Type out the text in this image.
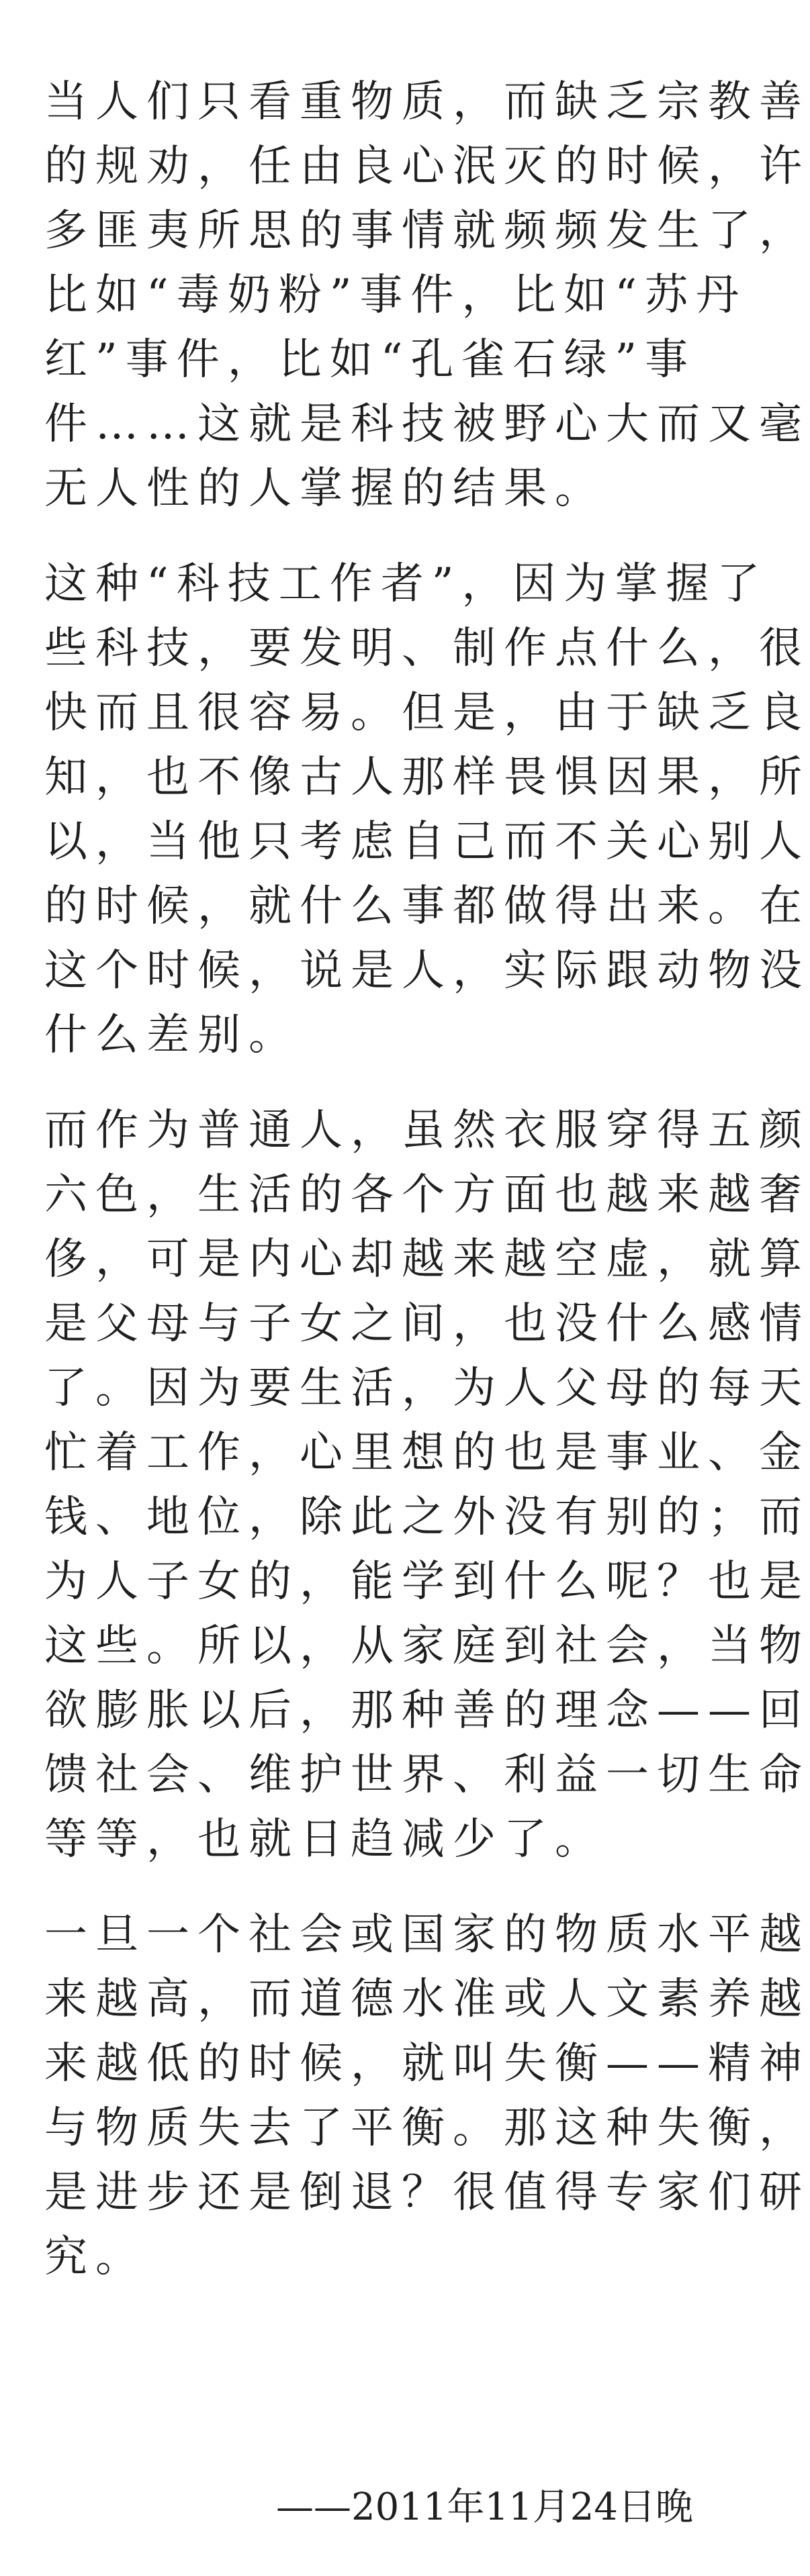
当人们只看重物质，而缺乏宗教善
的规劝，任由良心泯灭的时候，许
多匪夷所思的事情就频频发生了，
比如“毒奶粉”事件，比如“苏丹
红”事件，比如“孔雀石绿”事
件……这就是科技被野心大而又毫
无人性的人掌握的结果。
这种“科技工作者”，因为掌握了
些科技，要发明、制作点什么，很
快而且很容易。但是，由于缺乏良
知，也不像古人那样畏惧因果，所
以，当他只考虑自己而不关心别人
的时候，就什么事都做得出来。在
这个时候，说是人，实际跟动物没
什么差别。
而作为普通人，虽然衣服穿得五颜
六色，生活的各个方面也越来越奢
侈，可是内心却越来越空虚，就算
是父母与子女之间，也没什么感情
了。因为要生活，为人父母的每天
忙着工作，心里想的也是事业、金
钱、地位，除此之外没有别的；而
为人子女的，能学到什么呢？也是
这些。所以，从家庭到社会，当物
欲膨胀以后，那种善的理念——回
馈社会、维护世界、利益一切生命
等等，也就日趋减少了。
一旦一个社会或国家的物质水平越
来越高，而道德水准或人文素养越
来越低的时候，就叫失衡——精神
与物质失去了平衡。那这种失衡，
是进步还是倒退？很值得专家们研
究。
——2011年11月24日晚
